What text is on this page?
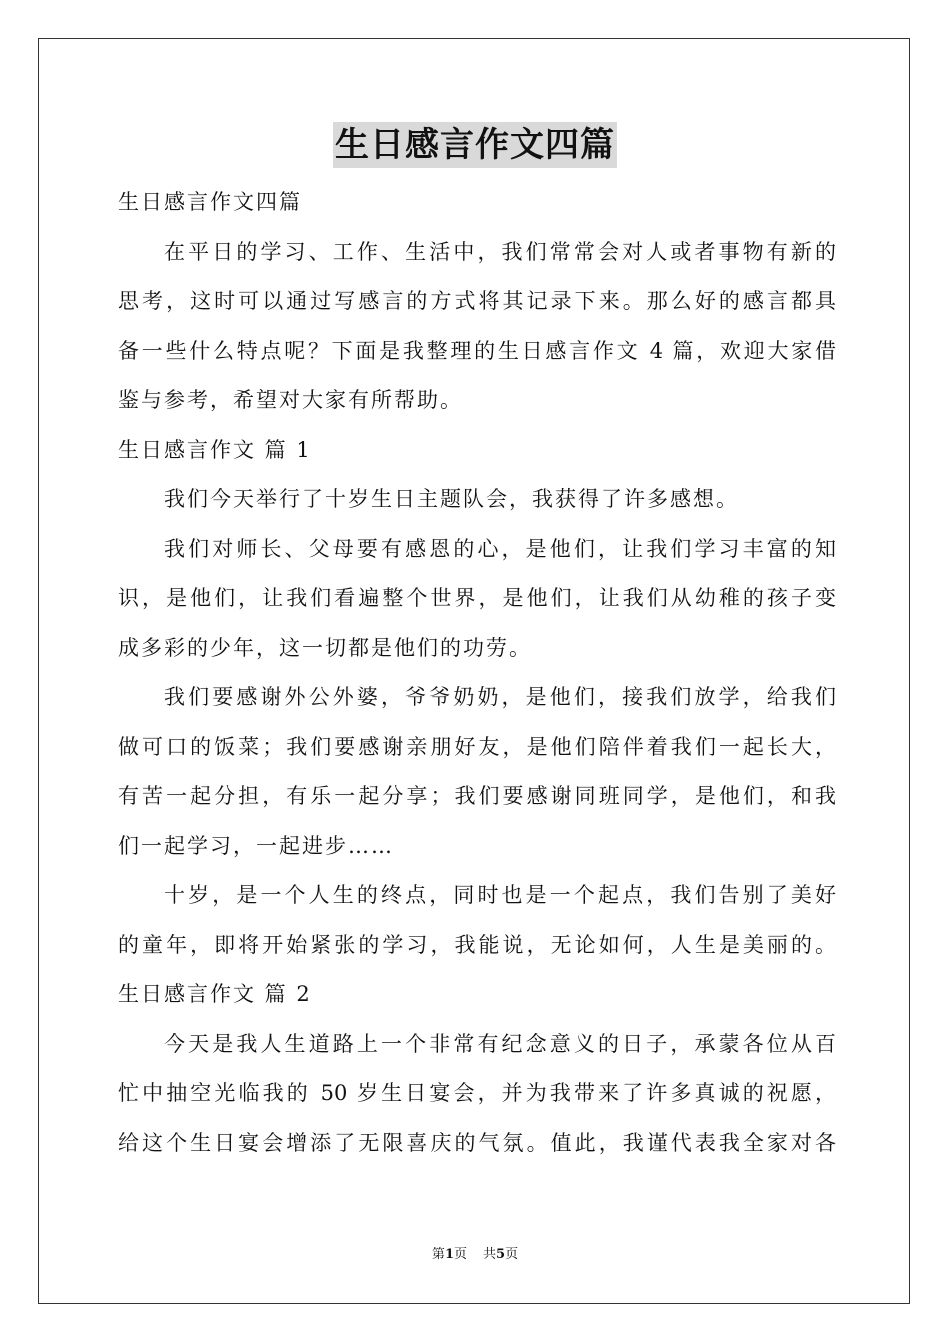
生日感言作文四篇
生日感言作文四篇
在平日的学习、工作、生活中，我们常常会对人或者事物有新的
思考，这时可以通过写感言的方式将其记录下来。那么好的感言都具
备一些什么特点呢？下面是我整理的生日感言作文 4 篇，欢迎大家借
鉴与参考，希望对大家有所帮助。
生日感言作文 篇 1
我们今天举行了十岁生日主题队会，我获得了许多感想。
我们对师长、父母要有感恩的心，是他们，让我们学习丰富的知
识，是他们，让我们看遍整个世界，是他们，让我们从幼稚的孩子变
成多彩的少年，这一切都是他们的功劳。
我们要感谢外公外婆，爷爷奶奶，是他们，接我们放学，给我们
做可口的饭菜；我们要感谢亲朋好友，是他们陪伴着我们一起长大，
有苦一起分担，有乐一起分享；我们要感谢同班同学，是他们，和我
们一起学习，一起进步……
十岁，是一个人生的终点，同时也是一个起点，我们告别了美好
的童年，即将开始紧张的学习，我能说，无论如何，人生是美丽的。
生日感言作文 篇 2
今天是我人生道路上一个非常有纪念意义的日子，承蒙各位从百
忙中抽空光临我的 50 岁生日宴会，并为我带来了许多真诚的祝愿，
给这个生日宴会增添了无限喜庆的气氛。值此，我谨代表我全家对各
第1页 共5页
